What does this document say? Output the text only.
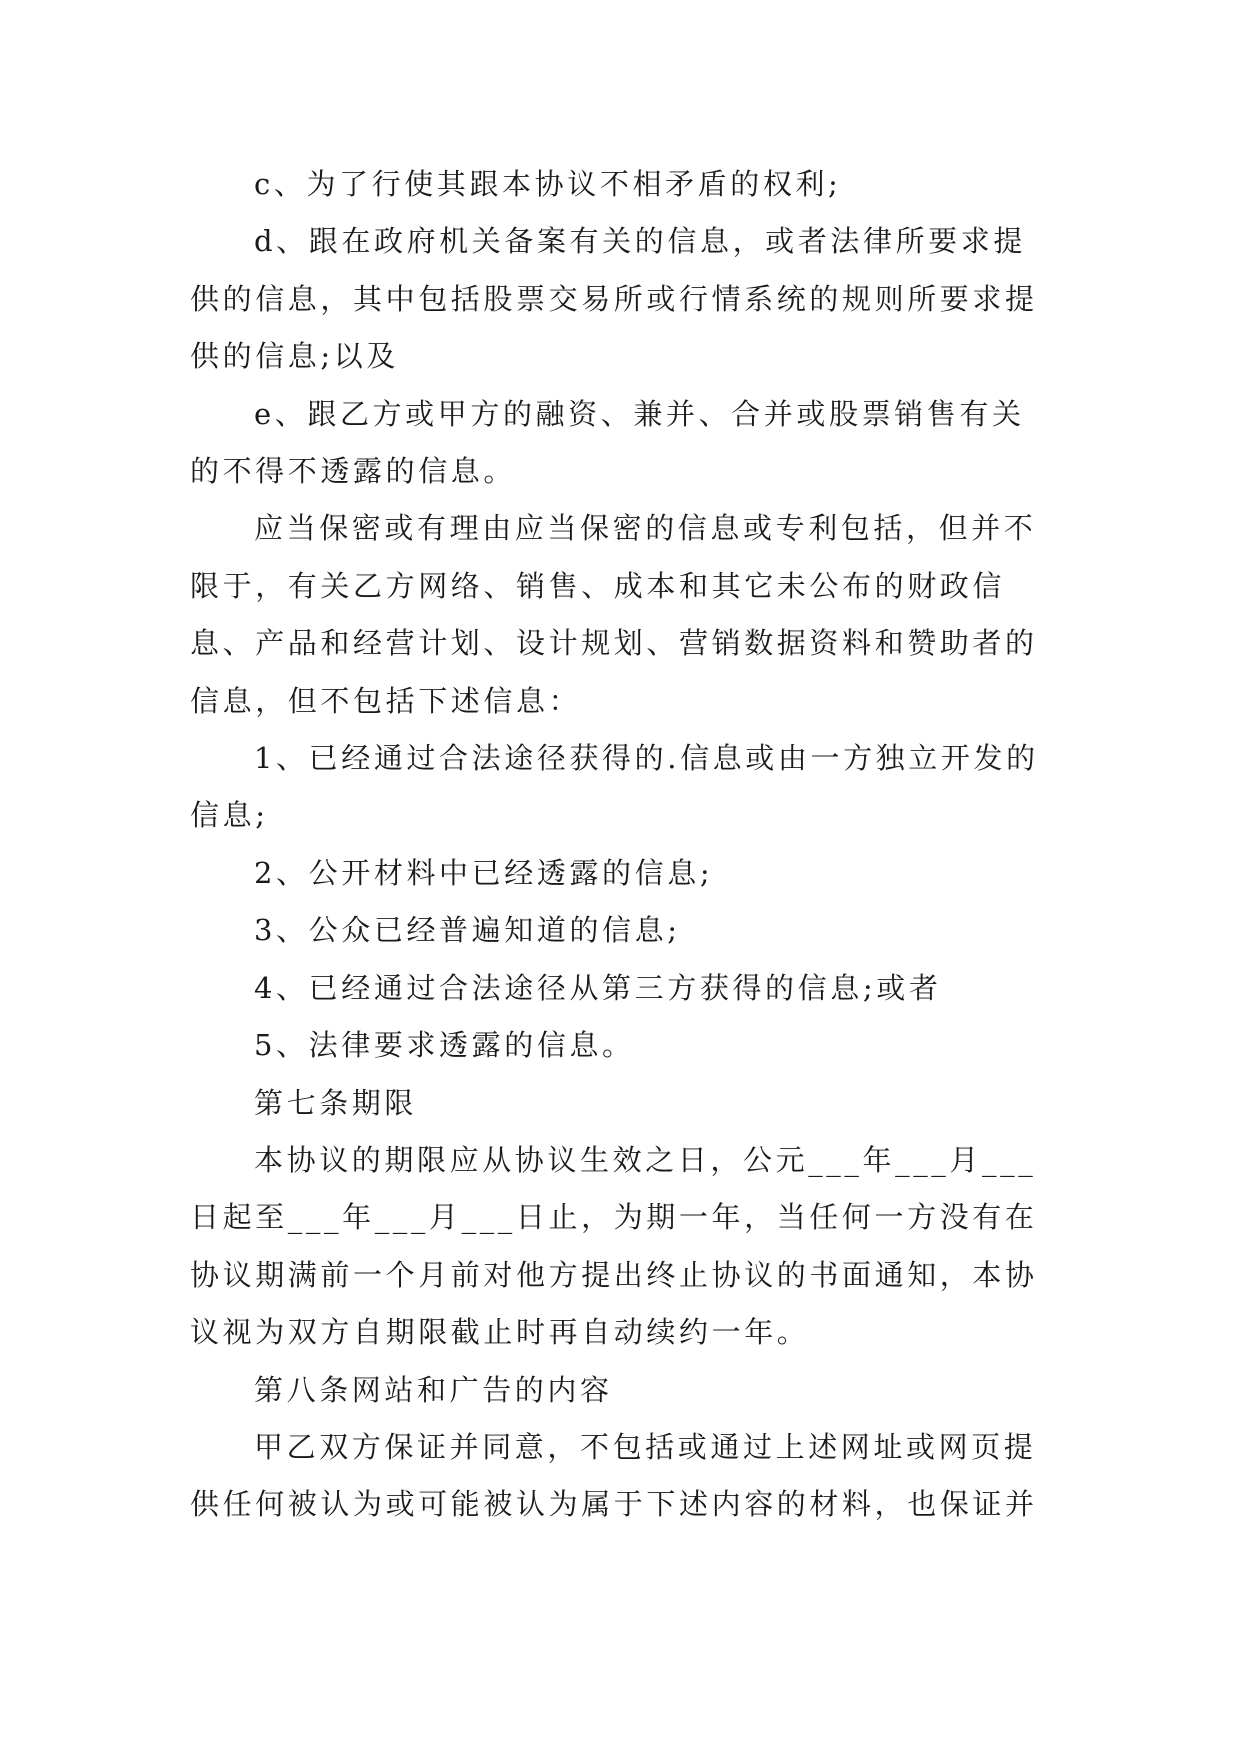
c、为了行使其跟本协议不相矛盾的权利;

d、跟在政府机关备案有关的信息，或者法律所要求提供的信息，其中包括股票交易所或行情系统的规则所要求提供的信息;以及

e、跟乙方或甲方的融资、兼并、合并或股票销售有关的不得不透露的信息。

应当保密或有理由应当保密的信息或专利包括，但并不限于，有关乙方网络、销售、成本和其它未公布的财政信息、产品和经营计划、设计规划、营销数据资料和赞助者的信息，但不包括下述信息：

1、已经通过合法途径获得的.信息或由一方独立开发的信息;

2、公开材料中已经透露的信息;

3、公众已经普遍知道的信息;

4、已经通过合法途径从第三方获得的信息;或者

5、法律要求透露的信息。

第七条期限

本协议的期限应从协议生效之日，公元___年___月___日起至___年___月___日止，为期一年，当任何一方没有在协议期满前一个月前对他方提出终止协议的书面通知，本协议视为双方自期限截止时再自动续约一年。

第八条网站和广告的内容

甲乙双方保证并同意，不包括或通过上述网址或网页提供任何被认为或可能被认为属于下述内容的材料，也保证并
